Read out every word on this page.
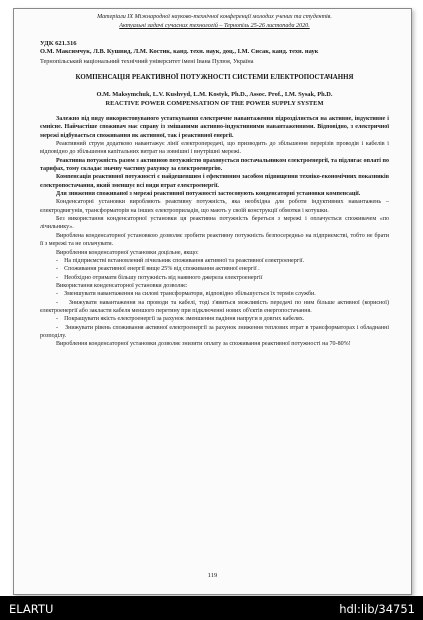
Матеріали IX Міжнародної науково-технічної конференції молодих учених та студентів.
Актуальні задачі сучасних технологій – Тернопіль 25-26 листопада 2020.
УДК 621.316
О.М. Максимчук, Л.В. Кушвид, Л.М. Костик, канд. техн. наук, доц., І.М. Сисак, канд. техн. наук
Тернопільський національний технічний університет імені Івана Пулюя, Україна
КОМПЕНСАЦІЯ РЕАКТИВНОЇ ПОТУЖНОСТІ СИСТЕМИ ЕЛЕКТРОПОСТАЧАННЯ
O.M. Maksymchuk, L.V. Kushvyd, L.M. Kostyk, Ph.D., Assoc. Prof., I.M. Sysak, Ph.D.
REACTIVE POWER COMPENSATION OF THE POWER SUPPLY SYSTEM

Залежно від виду використовуваного устаткування електричне навантаження підрозділяється на активне, індуктивне і ємнісне. Найчастіше споживач має справу із змішаними активно-індуктивними навантаженнями. Відповідно, з електричної мережі відбувається споживання як активної, так і реактивної енергії.

Реактивний струм додатково навантажує лінії електропередачі, що призводить до збільшення перерізів проводів і кабелів і відповідно до збільшення капітальних витрат на зовнішні і внутрішні мережі.

Реактивна потужність разом з активною потужністю враховується постачальником електроенергії, та підлягає оплаті по тарифах, тому складає значну частину рахунку за електроенергію.

Компенсація реактивної потужності є найдешевшим і ефективним засобом підвищення техніко-економічних показників електропостачання, який зменшує всі види втрат електроенергії.

Для зниження споживаної з мережі реактивної потужності застосовують конденсаторні установки компенсації.

Конденсаторні установки виробляють реактивну потужність, яка необхідна для роботи індуктивних навантажень – електродвигунів, трансформаторів на інших електроприладів, що мають у своїй конструкції обмотки і котушки.

Без використання конденсаторної установки ця реактивна потужність береться з мережі і оплачується споживачем «по лічильнику».

Вироблена конденсаторної установкою дозволяє зробити реактивну потужність безпосередньо на підприємстві, тобто не брати її з мережі та не оплачувати.

Вироблення конденсаторної установки доцільне, якщо:

-    На підприємстві встановлений лічильник споживання активної та реактивної електроенергії.

-    Споживання реактивної енергії вище 25% від споживання активної енергії .

-    Необхідно отримати більшу потужність від наявного джерела електроенергії

Використання конденсаторної установки дозволяє:

-    Зменшувати навантаження на силові трансформатори, відповідно збільшується їх термін служби.

-    Знижувати навантаження на проводи та кабелі, тоді з'явиться можливість передачі по ним більше активної (корисної) електроенергії або закласти кабеля меншого перетину при підключенні нових об'єктів енергопостачання.

-    Покращувати якість електроенергії за рахунок зменшення падіння напруги в довгих кабелях.

-    Знижувати рівень споживання активної електроенергії за рахунок зниження теплових втрат в трансформаторах і обладнанні розподілу.

Вироблення конденсаторної установки дозволяє знизити оплату за споживання реактивної потужності на 70-80%!

119
ELARTU	hdl:lib/34751
